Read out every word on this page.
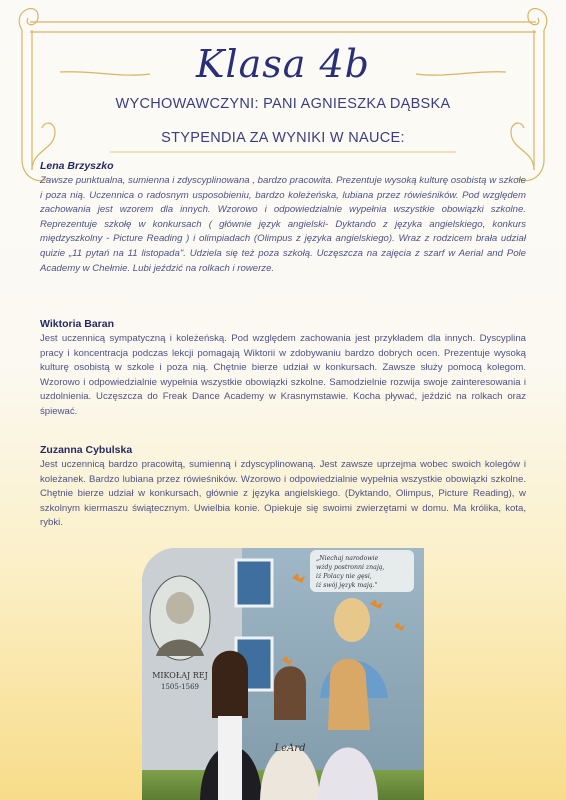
Klasa 4b
WYCHOWAWCZYNI: PANI AGNIESZKA DĄBSKA
STYPENDIA ZA WYNIKI W NAUCE:

Lena Brzyszko

Zawsze punktualna, sumienna i zdyscyplinowana , bardzo pracowita. Prezentuje wysoką kulturę osobistą w szkole i poza nią. Uczennica o radosnym usposobieniu, bardzo koleżeńska, lubiana przez rówieśników. Pod względem zachowania jest wzorem dla innych. Wzorowo i odpowiedzialnie wypełnia wszystkie obowiązki szkolne. Reprezentuje szkołę w konkursach ( głównie język angielski- Dyktando z języka angielskiego, konkurs międzyszkolny - Picture Reading ) i olimpiadach (Olimpus z języka angielskiego). Wraz z rodzicem brała udział quizie „11 pytań na 11 listopada". Udziela się też poza szkołą. Uczęszcza na zajęcia z szarf w Aerial and Pole Academy w Chełmie. Lubi jeździć na rolkach i rowerze.

Wiktoria Baran

Jest uczennicą sympatyczną i koleżeńską. Pod względem zachowania jest przykładem dla innych. Dyscyplina pracy i koncentracja podczas lekcji pomagają Wiktorii w zdobywaniu bardzo dobrych ocen. Prezentuje wysoką kulturę osobistą w szkole i poza nią. Chętnie bierze udział w konkursach. Zawsze służy pomocą kolegom. Wzorowo i odpowiedzialnie wypełnia wszystkie obowiązki szkolne. Samodzielnie rozwija swoje zainteresowania i uzdolnienia. Uczęszcza do Freak Dance Academy w Krasnymstawie. Kocha pływać, jeździć na rolkach oraz śpiewać.

Zuzanna Cybulska

Jest uczennicą bardzo pracowitą, sumienną i zdyscyplinowaną. Jest zawsze uprzejma wobec swoich kolegów i koleżanek. Bardzo lubiana przez rówieśników. Wzorowo i odpowiedzialnie wypełnia wszystkie obowiązki szkolne. Chętnie bierze udział w konkursach, głównie z języka angielskiego. (Dyktando, Olimpus, Picture Reading), w szkolnym kiermaszu świątecznym. Uwielbia konie. Opiekuje się swoimi zwierzętami w domu. Ma królika, kota, rybki.

MIKOŁAJ REJ
1505-1569
„Niechaj narodowie
wżdy postronni znają,
iż Polacy nie gęsi,
iż swój język mają."
LeArd
